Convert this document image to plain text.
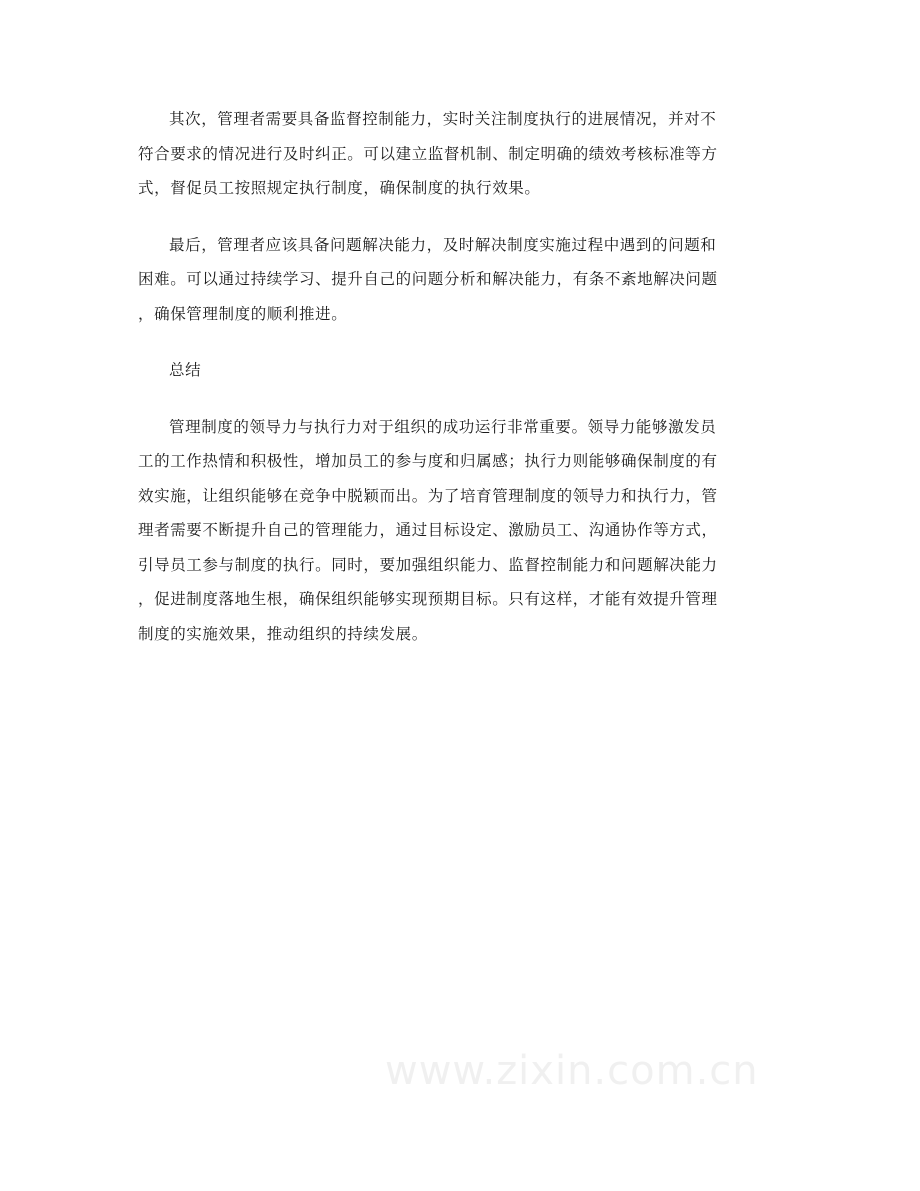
其次，管理者需要具备监督控制能力，实时关注制度执行的进展情况，并对不
符合要求的情况进行及时纠正。可以建立监督机制、制定明确的绩效考核标准等方
式，督促员工按照规定执行制度，确保制度的执行效果。

最后，管理者应该具备问题解决能力，及时解决制度实施过程中遇到的问题和
困难。可以通过持续学习、提升自己的问题分析和解决能力，有条不紊地解决问题
，确保管理制度的顺利推进。

总结

管理制度的领导力与执行力对于组织的成功运行非常重要。领导力能够激发员
工的工作热情和积极性，增加员工的参与度和归属感；执行力则能够确保制度的有
效实施，让组织能够在竞争中脱颖而出。为了培育管理制度的领导力和执行力，管
理者需要不断提升自己的管理能力，通过目标设定、激励员工、沟通协作等方式，
引导员工参与制度的执行。同时，要加强组织能力、监督控制能力和问题解决能力
，促进制度落地生根，确保组织能够实现预期目标。只有这样，才能有效提升管理
制度的实施效果，推动组织的持续发展。

www.zixin.com.cn
